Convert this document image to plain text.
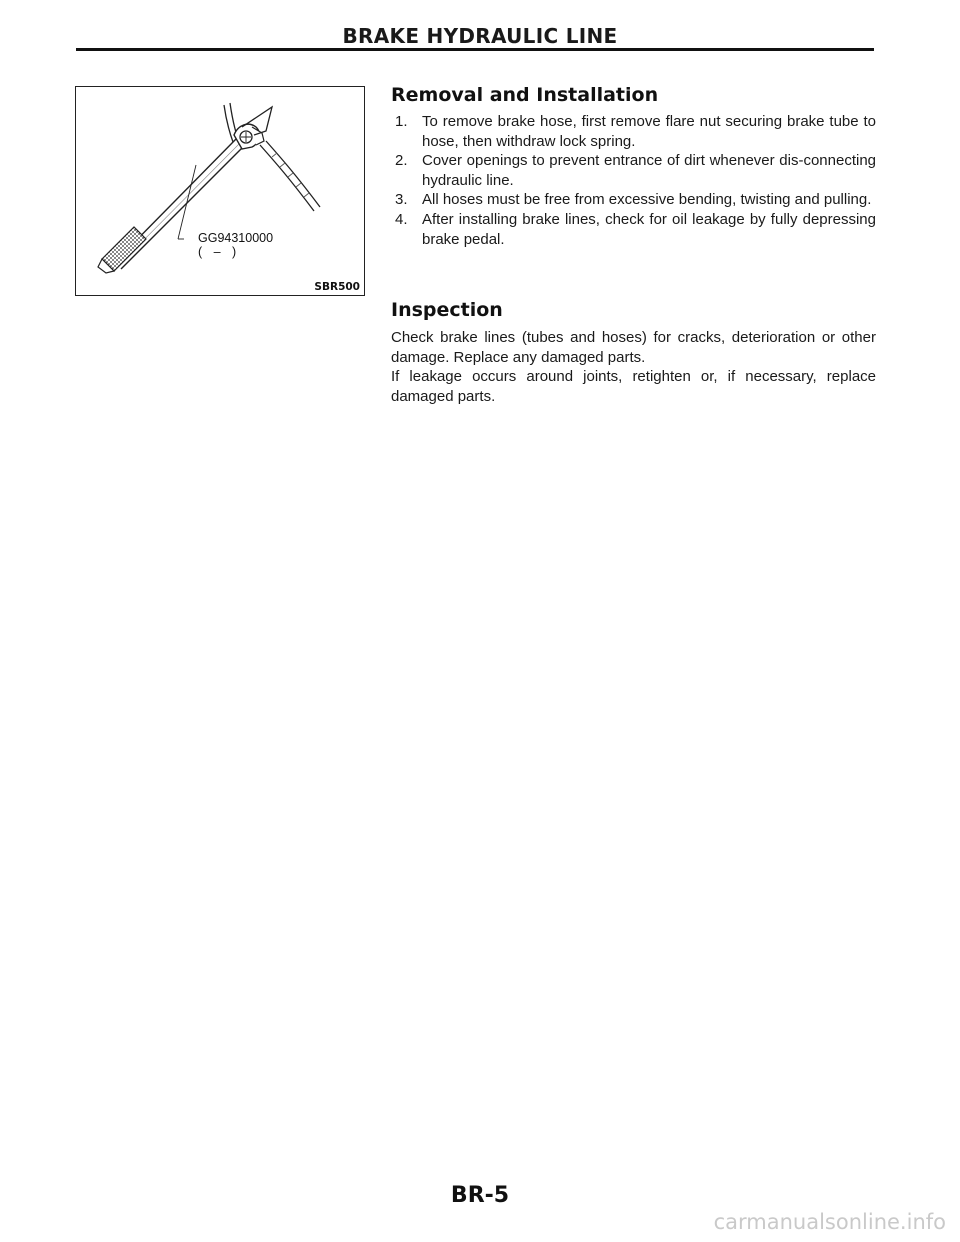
BRAKE HYDRAULIC LINE
GG94310000
( – )
SBR500
Removal and Installation
1. To remove brake hose, first remove flare nut securing brake tube to hose, then withdraw lock spring.
2. Cover openings to prevent entrance of dirt whenever dis-connecting hydraulic line.
3. All hoses must be free from excessive bending, twisting and pulling.
4. After installing brake lines, check for oil leakage by fully depressing brake pedal.
Inspection

Check brake lines (tubes and hoses) for cracks, deterioration or other damage. Replace any damaged parts.

If leakage occurs around joints, retighten or, if necessary, replace damaged parts.

BR-5
carmanualsonline.info
